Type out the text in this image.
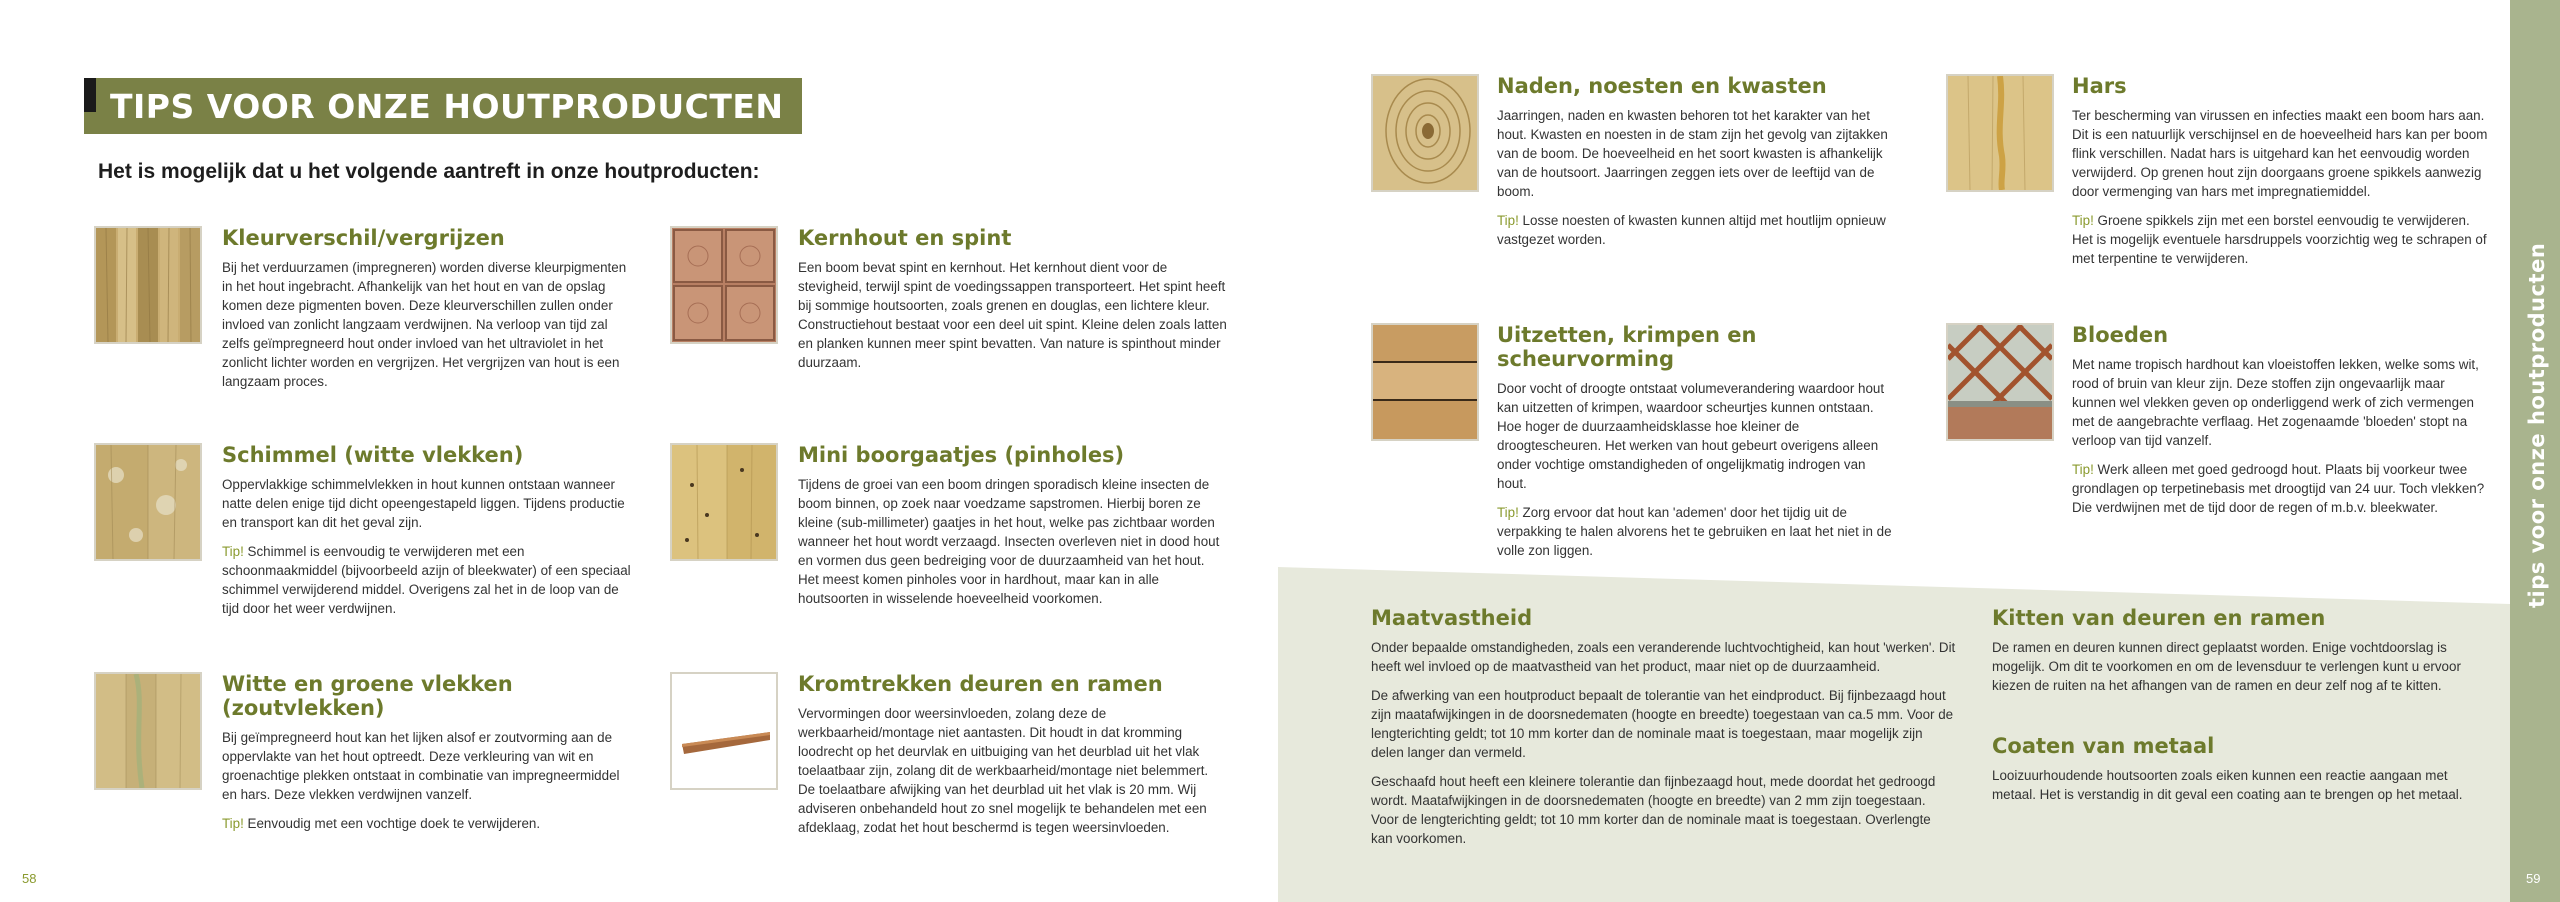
tips voor onze houtproducten
TIPS VOOR ONZE HOUTPRODUCTEN
Het is mogelijk dat u het volgende aantreft in onze houtproducten:
Kleurverschil/vergrijzen

Bij het verduurzamen (impregneren) worden diverse kleurpigmenten in het hout ingebracht. Afhankelijk van het hout en van de opslag komen deze pigmenten boven. Deze kleurverschillen zullen onder invloed van zonlicht langzaam verdwijnen. Na verloop van tijd zal zelfs geïmpregneerd hout onder invloed van het ultraviolet in het zonlicht lichter worden en vergrijzen. Het vergrijzen van hout is een langzaam proces.

Schimmel (witte vlekken)

Oppervlakkige schimmelvlekken in hout kunnen ontstaan wanneer natte delen enige tijd dicht opeengestapeld liggen. Tijdens productie en transport kan dit het geval zijn.

Tip! Schimmel is eenvoudig te verwijderen met een schoonmaakmiddel (bijvoorbeeld azijn of bleekwater) of een speciaal schimmel verwijderend middel. Overigens zal het in de loop van de tijd door het weer verdwijnen.

Witte en groene vlekken (zoutvlekken)

Bij geïmpregneerd hout kan het lijken alsof er zoutvorming aan de oppervlakte van het hout optreedt. Deze verkleuring van wit en groenachtige plekken ontstaat in combinatie van impregneermiddel en hars. Deze vlekken verdwijnen vanzelf.

Tip! Eenvoudig met een vochtige doek te verwijderen.

Kernhout en spint

Een boom bevat spint en kernhout. Het kernhout dient voor de stevigheid, terwijl spint de voedingssappen transporteert. Het spint heeft bij sommige houtsoorten, zoals grenen en douglas, een lichtere kleur. Constructiehout bestaat voor een deel uit spint. Kleine delen zoals latten en planken kunnen meer spint bevatten. Van nature is spinthout minder duurzaam.

Mini boorgaatjes (pinholes)

Tijdens de groei van een boom dringen sporadisch kleine insecten de boom binnen, op zoek naar voedzame sapstromen. Hierbij boren ze kleine (sub-millimeter) gaatjes in het hout, welke pas zichtbaar worden wanneer het hout wordt verzaagd. Insecten overleven niet in dood hout en vormen dus geen bedreiging voor de duurzaamheid van het hout. Het meest komen pinholes voor in hardhout, maar kan in alle houtsoorten in wisselende hoeveelheid voorkomen.

Kromtrekken deuren en ramen

Vervormingen door weersinvloeden, zolang deze de werkbaarheid/montage niet aantasten. Dit houdt in dat kromming loodrecht op het deurvlak en uitbuiging van het deurblad uit het vlak toelaatbaar zijn, zolang dit de werkbaarheid/montage niet belemmert. De toelaatbare afwijking van het deurblad uit het vlak is 20 mm. Wij adviseren onbehandeld hout zo snel mogelijk te behandelen met een afdeklaag, zodat het hout beschermd is tegen weersinvloeden.

Naden, noesten en kwasten

Jaarringen, naden en kwasten behoren tot het karakter van het hout. Kwasten en noesten in de stam zijn het gevolg van zijtakken van de boom. De hoeveelheid en het soort kwasten is afhankelijk van de houtsoort. Jaarringen zeggen iets over de leeftijd van de boom.

Tip! Losse noesten of kwasten kunnen altijd met houtlijm opnieuw vastgezet worden.

Uitzetten, krimpen en scheurvorming

Door vocht of droogte ontstaat volumeverandering waardoor hout kan uitzetten of krimpen, waardoor scheurtjes kunnen ontstaan. Hoe hoger de duurzaamheidsklasse hoe kleiner de droogtescheuren. Het werken van hout gebeurt overigens alleen onder vochtige omstandigheden of ongelijkmatig indrogen van hout.

Tip! Zorg ervoor dat hout kan 'ademen' door het tijdig uit de verpakking te halen alvorens het te gebruiken en laat het niet in de volle zon liggen.

Hars

Ter bescherming van virussen en infecties maakt een boom hars aan. Dit is een natuurlijk verschijnsel en de hoeveelheid hars kan per boom flink verschillen. Nadat hars is uitgehard kan het eenvoudig worden verwijderd. Op grenen hout zijn doorgaans groene spikkels aanwezig door vermenging van hars met impregnatiemiddel.

Tip! Groene spikkels zijn met een borstel eenvoudig te verwijderen. Het is mogelijk eventuele harsdruppels voorzichtig weg te schrapen of met terpentine te verwijderen.

Bloeden

Met name tropisch hardhout kan vloeistoffen lekken, welke soms wit, rood of bruin van kleur zijn. Deze stoffen zijn ongevaarlijk maar kunnen wel vlekken geven op onderliggend werk of zich vermengen met de aangebrachte verflaag. Het zogenaamde 'bloeden' stopt na verloop van tijd vanzelf.

Tip! Werk alleen met goed gedroogd hout. Plaats bij voorkeur twee grondlagen op terpetinebasis met droogtijd van 24 uur. Toch vlekken? Die verdwijnen met de tijd door de regen of m.b.v. bleekwater.

Maatvastheid

Onder bepaalde omstandigheden, zoals een veranderende luchtvochtigheid, kan hout 'werken'. Dit heeft wel invloed op de maatvastheid van het product, maar niet op de duurzaamheid.

De afwerking van een houtproduct bepaalt de tolerantie van het eindproduct. Bij fijnbezaagd hout zijn maatafwijkingen in de doorsnedematen (hoogte en breedte) toegestaan van ca.5 mm. Voor de lengterichting geldt; tot 10 mm korter dan de nominale maat is toegestaan, maar mogelijk zijn delen langer dan vermeld.

Geschaafd hout heeft een kleinere tolerantie dan fijnbezaagd hout, mede doordat het gedroogd wordt. Maatafwijkingen in de doorsnedematen (hoogte en breedte) van 2 mm zijn toegestaan. Voor de lengterichting geldt; tot 10 mm korter dan de nominale maat is toegestaan. Overlengte kan voorkomen.

Kitten van deuren en ramen

De ramen en deuren kunnen direct geplaatst worden. Enige vochtdoorslag is mogelijk. Om dit te voorkomen en om de levensduur te verlengen kunt u ervoor kiezen de ruiten na het afhangen van de ramen en deur zelf nog af te kitten.

Coaten van metaal

Looizuurhoudende houtsoorten zoals eiken kunnen een reactie aangaan met metaal. Het is verstandig in dit geval een coating aan te brengen op het metaal.

58	59
